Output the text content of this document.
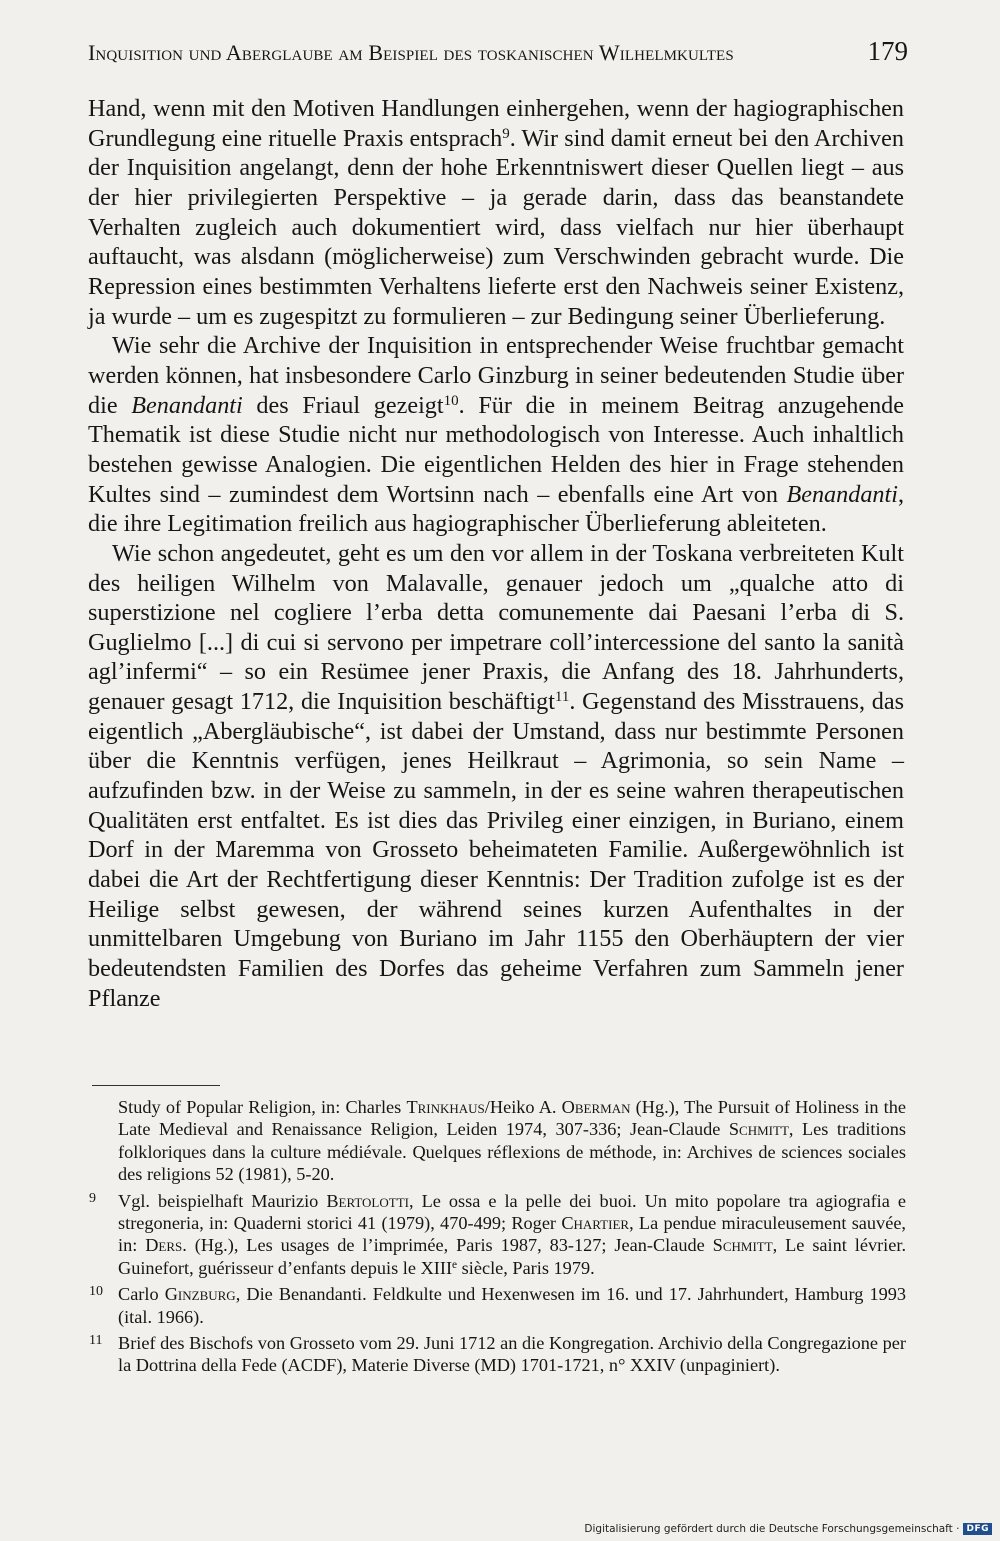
Inquisition und Aberglaube am Beispiel des toskanischen Wilhelmkultes	179

Hand, wenn mit den Motiven Handlungen einhergehen, wenn der hagiographischen Grundlegung eine rituelle Praxis entsprach$^9$. Wir sind damit erneut bei den Archiven der Inquisition angelangt, denn der hohe Erkenntniswert dieser Quellen liegt – aus der hier privilegierten Perspektive – ja gerade darin, dass das beanstandete Verhalten zugleich auch dokumentiert wird, dass vielfach nur hier überhaupt auftaucht, was alsdann (möglicherweise) zum Verschwinden gebracht wurde. Die Repression eines bestimmten Verhaltens lieferte erst den Nachweis seiner Existenz, ja wurde – um es zugespitzt zu formulieren – zur Bedingung seiner Überlieferung.

Wie sehr die Archive der Inquisition in entsprechender Weise fruchtbar gemacht werden können, hat insbesondere Carlo Ginzburg in seiner bedeutenden Studie über die Benandanti des Friaul gezeigt$^{10}$. Für die in meinem Beitrag anzugehende Thematik ist diese Studie nicht nur methodologisch von Interesse. Auch inhaltlich bestehen gewisse Analogien. Die eigentlichen Helden des hier in Frage stehenden Kultes sind – zumindest dem Wortsinn nach – ebenfalls eine Art von Benandanti, die ihre Legitimation freilich aus hagiographischer Überlieferung ableiteten.

Wie schon angedeutet, geht es um den vor allem in der Toskana verbreiteten Kult des heiligen Wilhelm von Malavalle, genauer jedoch um „qualche atto di superstizione nel cogliere l’erba detta comunemente dai Paesani l’erba di S. Guglielmo [...] di cui si servono per impetrare coll’intercessione del santo la sanità agl’infermi“ – so ein Resümee jener Praxis, die Anfang des 18. Jahrhunderts, genauer gesagt 1712, die Inquisition beschäftigt$^{11}$. Gegenstand des Misstrauens, das eigentlich „Abergläubische“, ist dabei der Umstand, dass nur bestimmte Personen über die Kenntnis verfügen, jenes Heilkraut – Agrimonia, so sein Name – aufzufinden bzw. in der Weise zu sammeln, in der es seine wahren therapeutischen Qualitäten erst entfaltet. Es ist dies das Privileg einer einzigen, in Buriano, einem Dorf in der Maremma von Grosseto beheimateten Familie. Außergewöhnlich ist dabei die Art der Rechtfertigung dieser Kenntnis: Der Tradition zufolge ist es der Heilige selbst gewesen, der während seines kurzen Aufenthaltes in der unmittelbaren Umgebung von Buriano im Jahr 1155 den Oberhäuptern der vier bedeutendsten Familien des Dorfes das geheime Verfahren zum Sammeln jener Pflanze

Study of Popular Religion, in: Charles Trinkhaus/Heiko A. Oberman (Hg.), The Pursuit of Holiness in the Late Medieval and Renaissance Religion, Leiden 1974, 307-336; Jean-Claude Schmitt, Les traditions folkloriques dans la culture médiévale. Quelques réflexions de méthode, in: Archives de sciences sociales des religions 52 (1981), 5-20.

9 Vgl. beispielhaft Maurizio Bertolotti, Le ossa e la pelle dei buoi. Un mito popolare tra agiografia e stregoneria, in: Quaderni storici 41 (1979), 470-499; Roger Chartier, La pendue miraculeusement sauvée, in: Ders. (Hg.), Les usages de l’imprimée, Paris 1987, 83-127; Jean-Claude Schmitt, Le saint lévrier. Guinefort, guérisseur d’enfants depuis le XIIIe siècle, Paris 1979.

10 Carlo Ginzburg, Die Benandanti. Feldkulte und Hexenwesen im 16. und 17. Jahrhundert, Hamburg 1993 (ital. 1966).

11 Brief des Bischofs von Grosseto vom 29. Juni 1712 an die Kongregation. Archivio della Congregazione per la Dottrina della Fede (ACDF), Materie Diverse (MD) 1701-1721, n° XXIV (unpaginiert).

Digitalisierung gefördert durch die Deutsche Forschungsgemeinschaft · DFG
